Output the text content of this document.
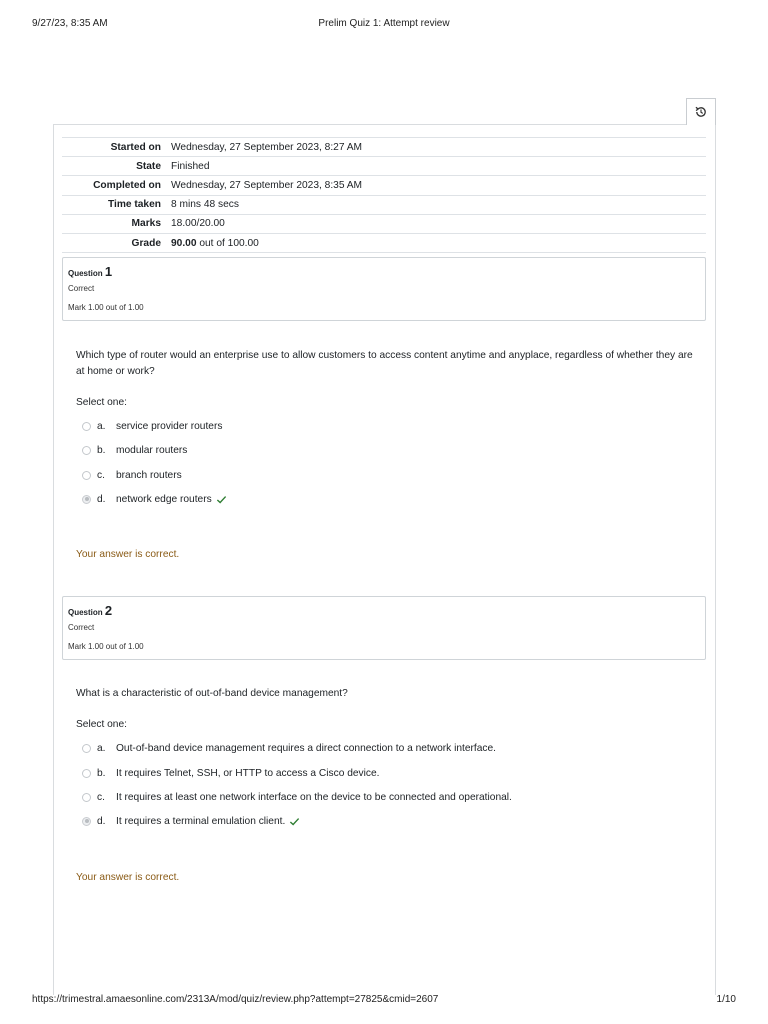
9/27/23, 8:35 AM	Prelim Quiz 1: Attempt review
Started on	Wednesday, 27 September 2023, 8:27 AM
State	Finished
Completed on	Wednesday, 27 September 2023, 8:35 AM
Time taken	8 mins 48 secs
Marks	18.00/20.00
Grade	90.00 out of 100.00
Question 1
Correct
Mark 1.00 out of 1.00
Which type of router would an enterprise use to allow customers to access content anytime and anyplace, regardless of whether they are at home or work?
Select one:
a.	service provider routers
b.	modular routers
c.	branch routers
d.	network edge routers
Your answer is correct.
Question 2
Correct
Mark 1.00 out of 1.00
What is a characteristic of out-of-band device management?
Select one:
a.	Out-of-band device management requires a direct connection to a network interface.
b.	It requires Telnet, SSH, or HTTP to access a Cisco device.
c.	It requires at least one network interface on the device to be connected and operational.
d.	It requires a terminal emulation client.
Your answer is correct.
https://trimestral.amaesonline.com/2313A/mod/quiz/review.php?attempt=27825&cmid=2607	1/10
